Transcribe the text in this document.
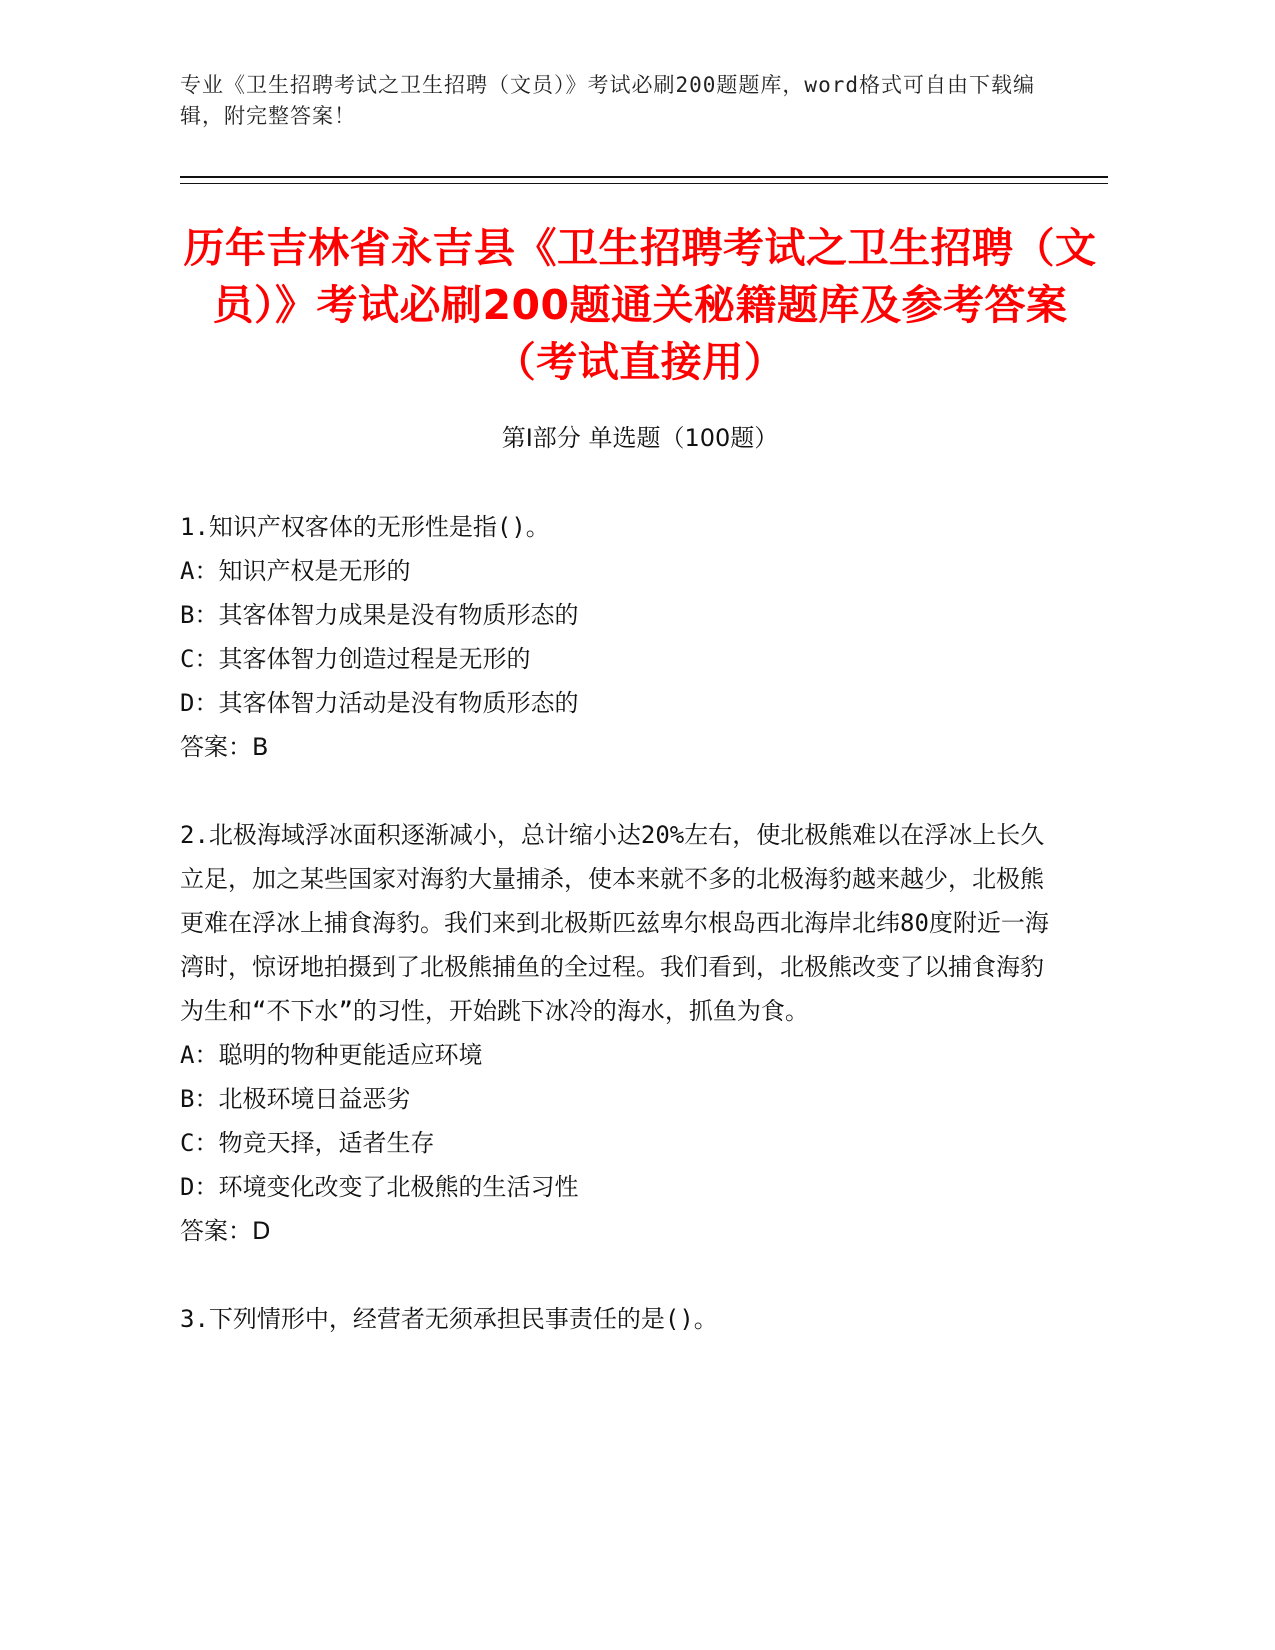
专业《卫生招聘考试之卫生招聘（文员）》考试必刷200题题库，word格式可自由下载编辑，附完整答案！
历年吉林省永吉县《卫生招聘考试之卫生招聘（文员）》考试必刷200题通关秘籍题库及参考答案（考试直接用）
第Ⅰ部分 单选题（100题）

1.知识产权客体的无形性是指()。

A：知识产权是无形的

B：其客体智力成果是没有物质形态的

C：其客体智力创造过程是无形的

D：其客体智力活动是没有物质形态的

答案：B

2.北极海域浮冰面积逐渐减小，总计缩小达20%左右，使北极熊难以在浮冰上长久立足，加之某些国家对海豹大量捕杀，使本来就不多的北极海豹越来越少，北极熊更难在浮冰上捕食海豹。我们来到北极斯匹兹卑尔根岛西北海岸北纬80度附近一海湾时，惊讶地拍摄到了北极熊捕鱼的全过程。我们看到，北极熊改变了以捕食海豹为生和“不下水”的习性，开始跳下冰冷的海水，抓鱼为食。

A：聪明的物种更能适应环境

B：北极环境日益恶劣

C：物竞天择，适者生存

D：环境变化改变了北极熊的生活习性

答案：D

3.下列情形中，经营者无须承担民事责任的是()。
